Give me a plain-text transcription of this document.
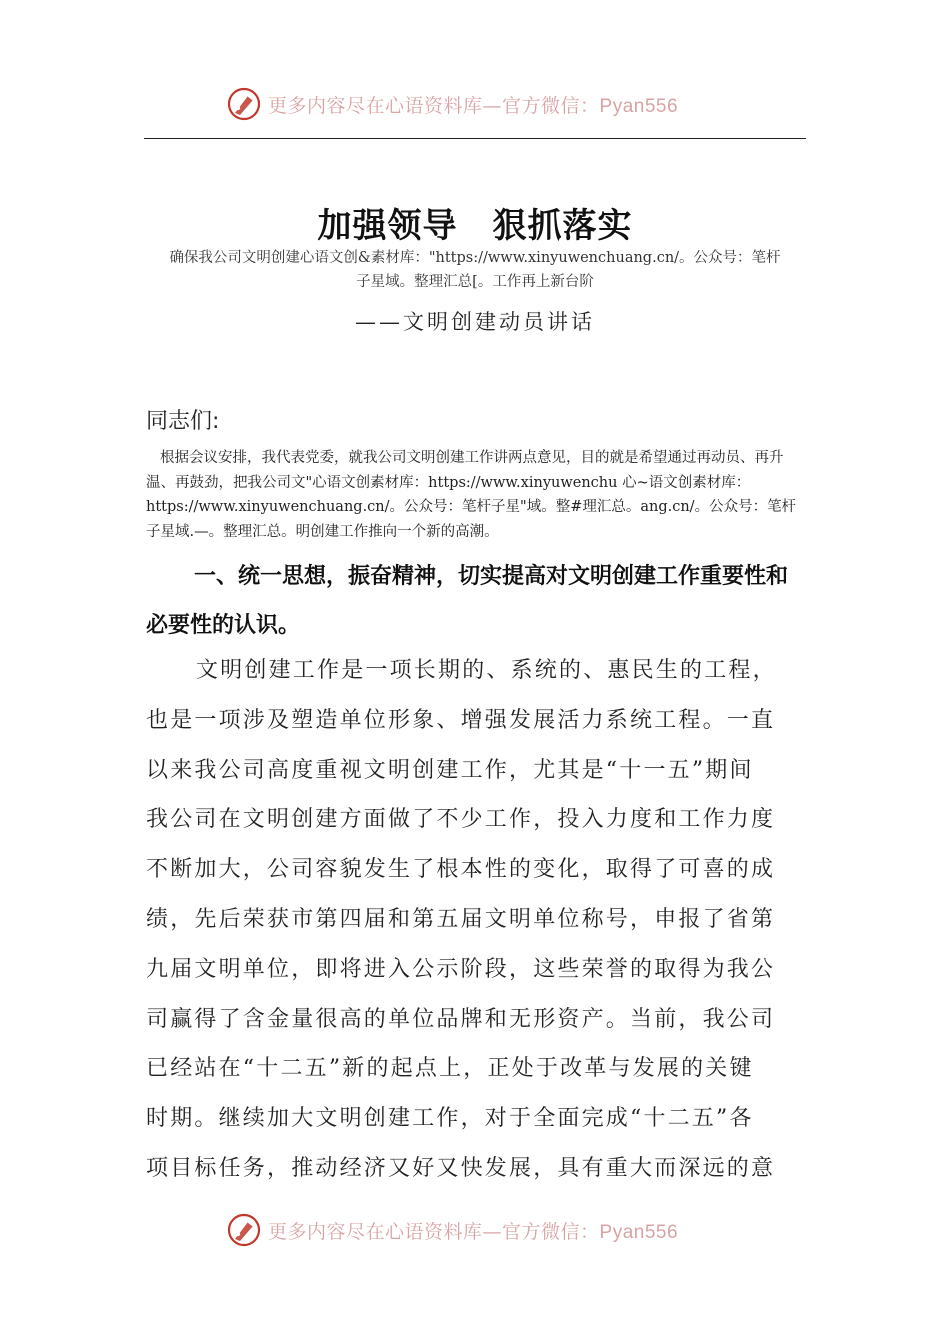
更多内容尽在心语资料库—官方微信：Pyan556
加强领导　狠抓落实
确保我公司文明创建心语文创&素材库："https://www.xinyuwenchuang.cn/。公众号：笔杆
子星域。整理汇总[。工作再上新台阶
——文明创建动员讲话
同志们:

根据会议安排，我代表党委，就我公司文明创建工作讲两点意见，目的就是希望通过再动员、再升温、再鼓劲，把我公司文"心语文创素材库：https://www.xinyuwenchu 心~语文创素材库：https://www.xinyuwenchuang.cn/。公众号：笔杆子星"域。整#理汇总。ang.cn/。公众号：笔杆子星域.—。整理汇总。明创建工作推向一个新的高潮。

一、统一思想，振奋精神，切实提高对文明创建工作重要性和必要性的认识。

文明创建工作是一项长期的、系统的、惠民生的工程，
也是一项涉及塑造单位形象、增强发展活力系统工程。一直
以来我公司高度重视文明创建工作，尤其是“十一五”期间
我公司在文明创建方面做了不少工作，投入力度和工作力度
不断加大，公司容貌发生了根本性的变化，取得了可喜的成
绩，先后荣获市第四届和第五届文明单位称号，申报了省第
九届文明单位，即将进入公示阶段，这些荣誉的取得为我公
司赢得了含金量很高的单位品牌和无形资产。当前，我公司
已经站在“十二五”新的起点上，正处于改革与发展的关键
时期。继续加大文明创建工作，对于全面完成“十二五”各
项目标任务，推动经济又好又快发展，具有重大而深远的意
更多内容尽在心语资料库—官方微信：Pyan556
